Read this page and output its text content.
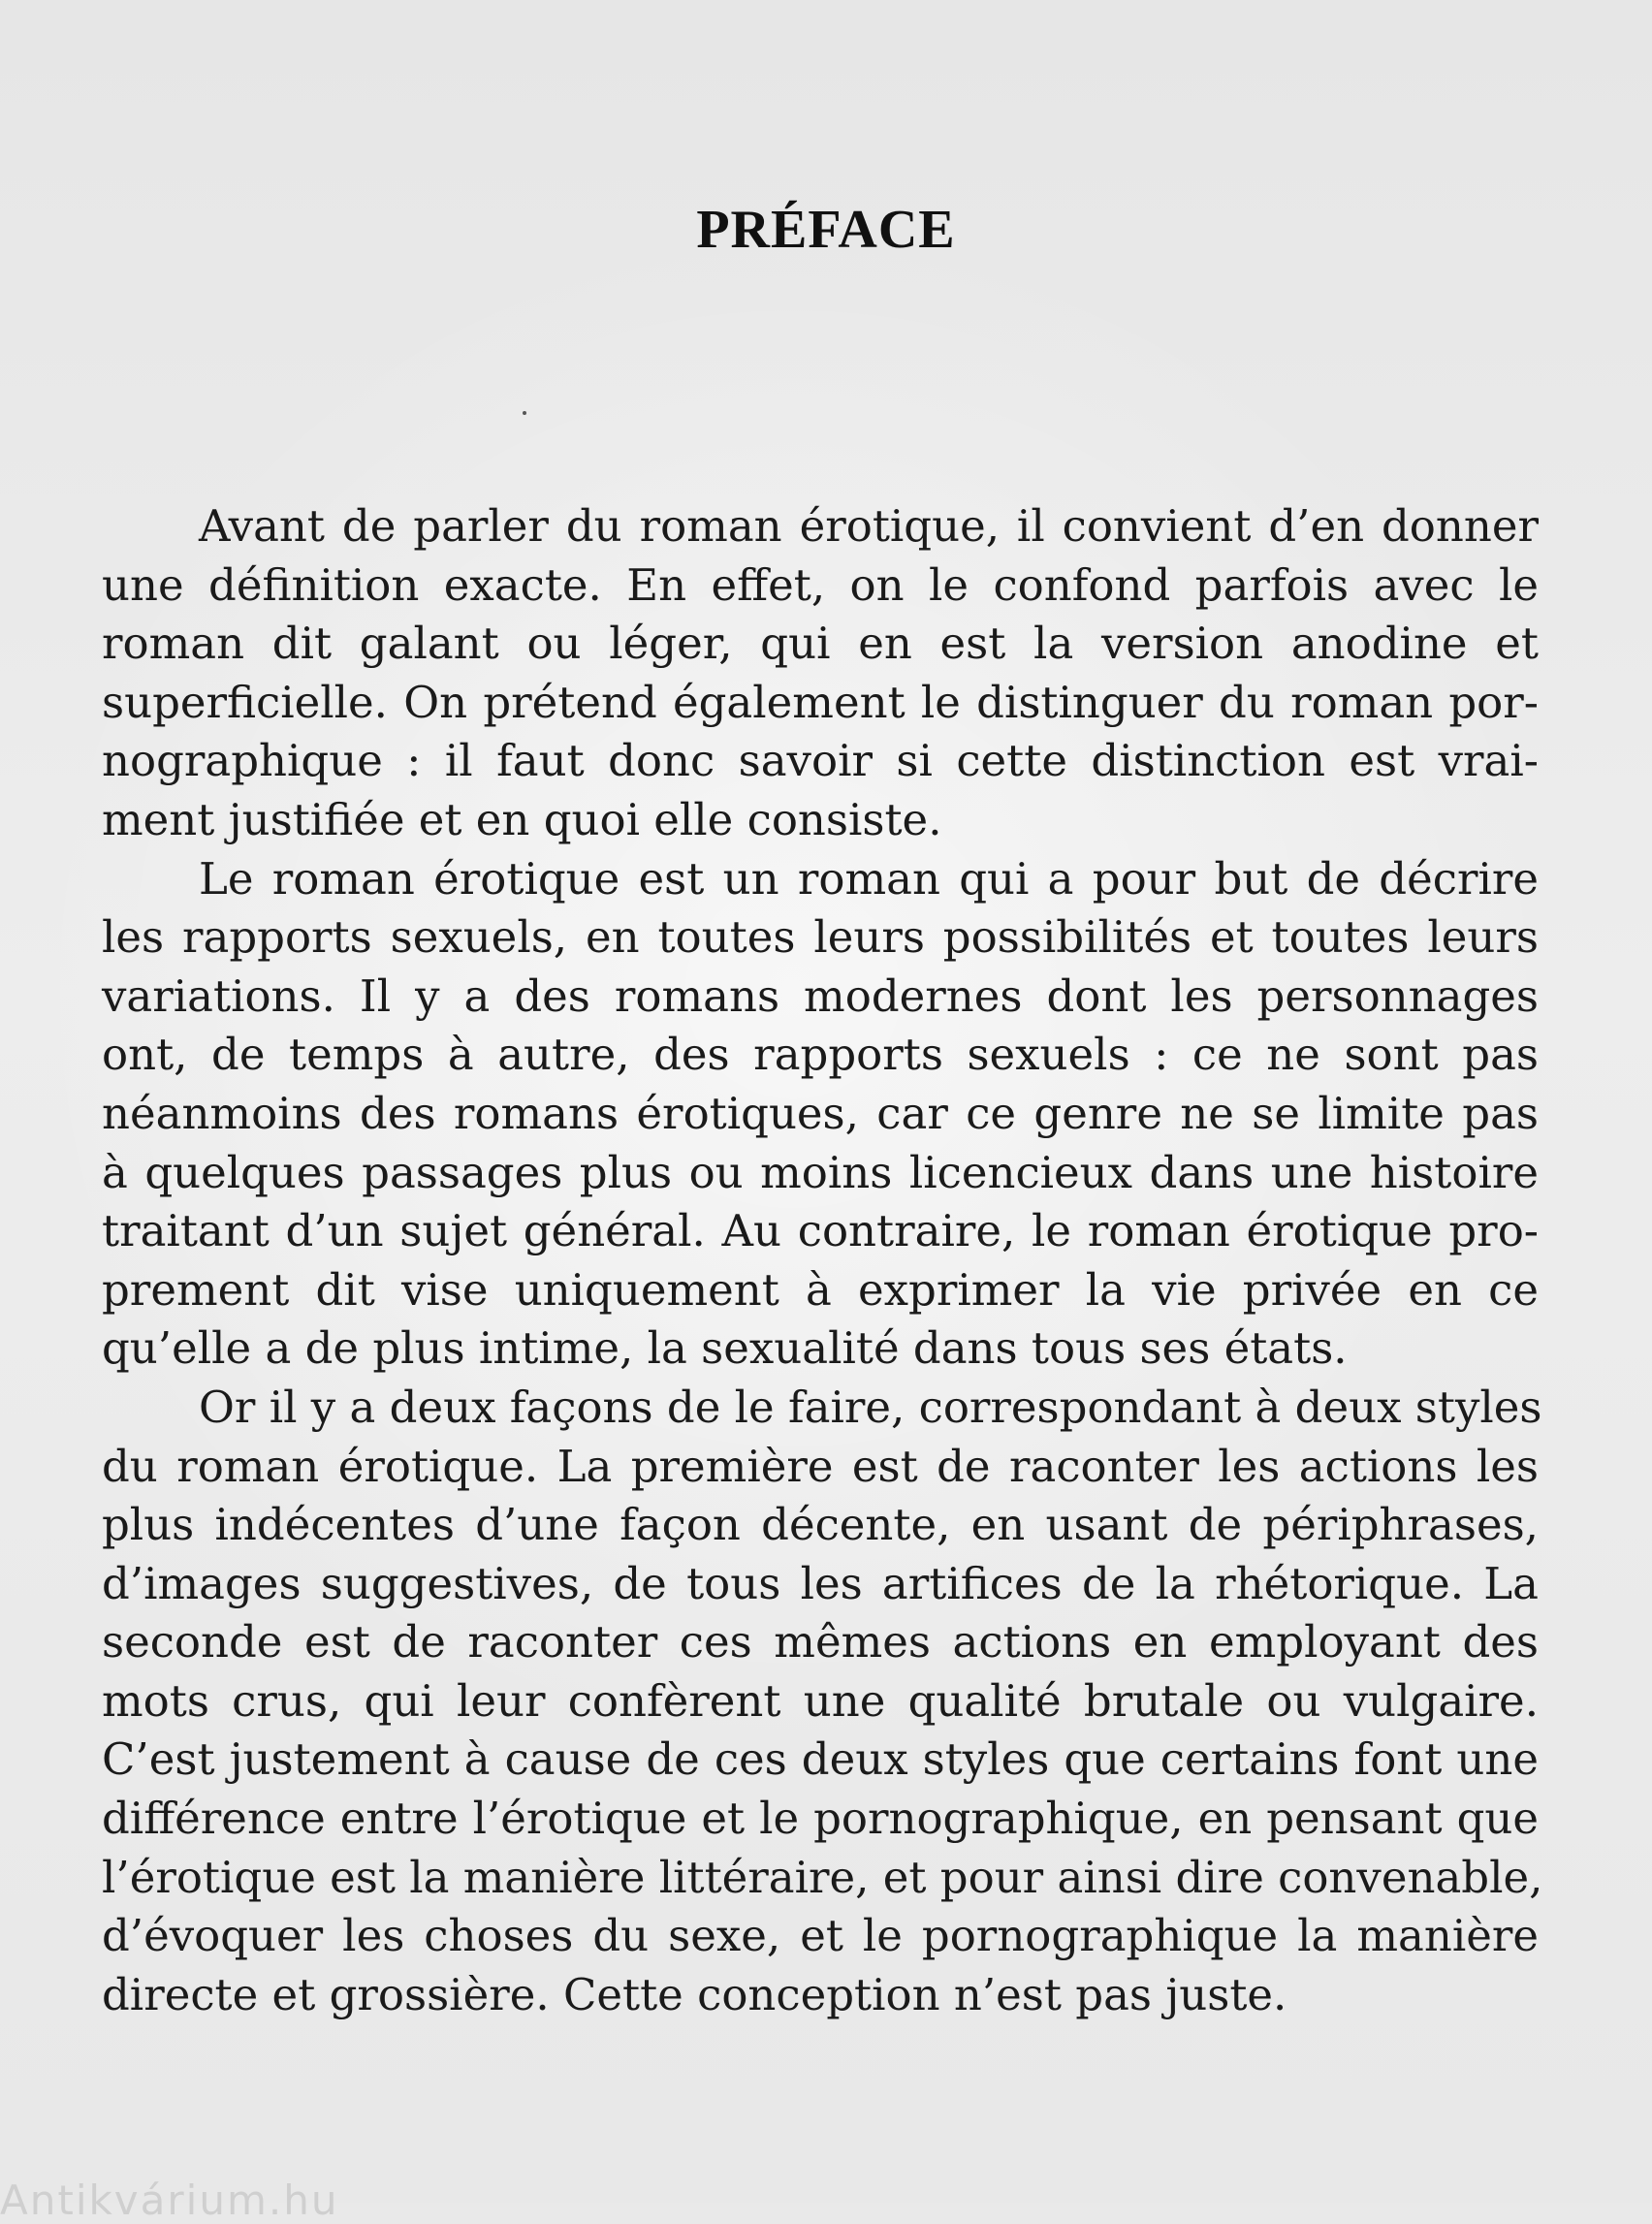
PRÉFACE
Avant de parler du roman érotique, il convient d’en donner
une définition exacte. En effet, on le confond parfois avec le
roman dit galant ou léger, qui en est la version anodine et
superficielle. On prétend également le distinguer du roman por-
nographique : il faut donc savoir si cette distinction est vrai-
ment justifiée et en quoi elle consiste.
Le roman érotique est un roman qui a pour but de décrire
les rapports sexuels, en toutes leurs possibilités et toutes leurs
variations. Il y a des romans modernes dont les personnages
ont, de temps à autre, des rapports sexuels : ce ne sont pas
néanmoins des romans érotiques, car ce genre ne se limite pas
à quelques passages plus ou moins licencieux dans une histoire
traitant d’un sujet général. Au contraire, le roman érotique pro-
prement dit vise uniquement à exprimer la vie privée en ce
qu’elle a de plus intime, la sexualité dans tous ses états.
Or il y a deux façons de le faire, correspondant à deux styles
du roman érotique. La première est de raconter les actions les
plus indécentes d’une façon décente, en usant de périphrases,
d’images suggestives, de tous les artifices de la rhétorique. La
seconde est de raconter ces mêmes actions en employant des
mots crus, qui leur confèrent une qualité brutale ou vulgaire.
C’est justement à cause de ces deux styles que certains font une
différence entre l’érotique et le pornographique, en pensant que
l’érotique est la manière littéraire, et pour ainsi dire convenable,
d’évoquer les choses du sexe, et le pornographique la manière
directe et grossière. Cette conception n’est pas juste.
Antikvárium.hu
